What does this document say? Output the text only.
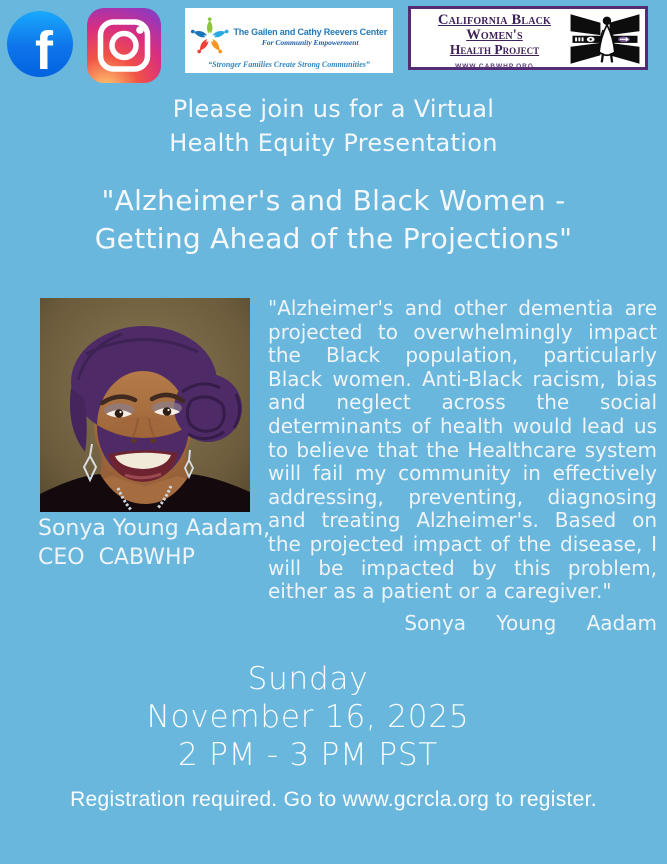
f	The Gailen and Cathy Reevers Center
For Community Empowerment
“Stronger Families Create Strong Communities”
California Black Women's
Health Project
WWW.CABWHP.ORG
Please join us for a Virtual
Health Equity Presentation
"Alzheimer's and Black Women -
Getting Ahead of the Projections"
Sonya Young Aadam,
CEO  CABWHP
"Alzheimer's and other dementia are projected to overwhelmingly impact the Black population, particularly Black women. Anti-Black racism, bias and neglect across the social determinants of health would lead us to believe that the Healthcare system will fail my community in effectively addressing, preventing, diagnosing and treating Alzheimer's. Based on the projected impact of the disease, I will be impacted by this problem, either as a patient or a caregiver."
Sonya Young Aadam
Sunday
November 16, 2025
2 PM - 3 PM PST
Registration required. Go to www.gcrcla.org to register.
